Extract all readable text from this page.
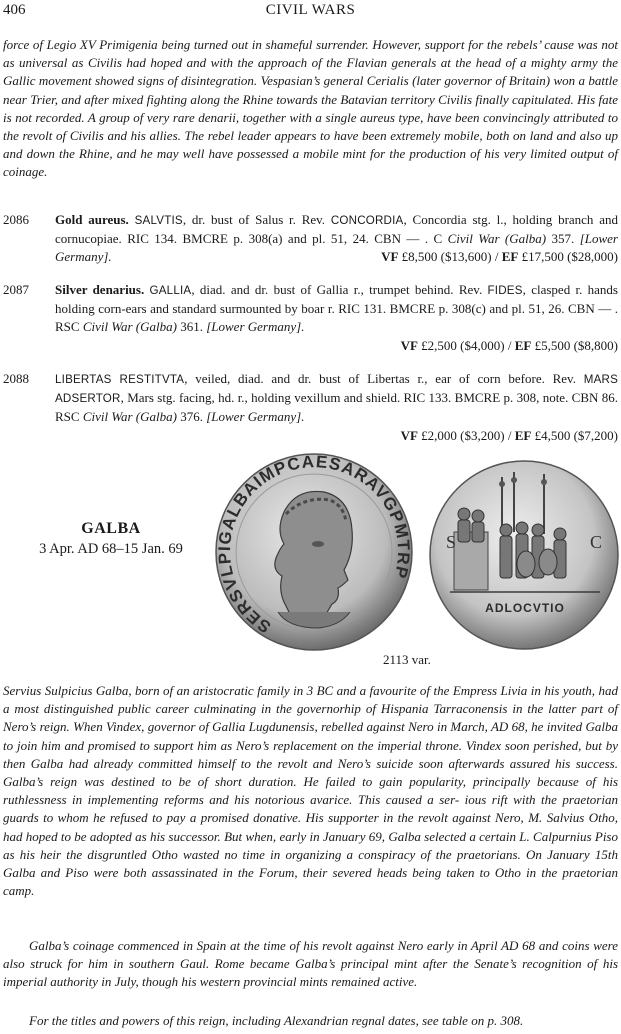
406	CIVIL WARS
force of Legio XV Primigenia being turned out in shameful surrender. However, support for the rebels’ cause was not as universal as Civilis had hoped and with the approach of the Flavian generals at the head of a mighty army the Gallic movement showed signs of disintegration. Vespasian’s general Cerialis (later governor of Britain) won a battle near Trier, and after mixed fighting along the Rhine towards the Batavian territory Civilis finally capitulated. His fate is not recorded. A group of very rare denarii, together with a single aureus type, have been convincingly attributed to the revolt of Civilis and his allies. The rebel leader appears to have been extremely mobile, both on land and also up and down the Rhine, and he may well have possessed a mobile mint for the production of his very limited output of coinage.
2086 Gold aureus. SALVTIS, dr. bust of Salus r. Rev. CONCORDIA, Concordia stg. l., holding branch and cornucopiae. RIC 134. BMCRE p. 308(a) and pl. 51, 24. CBN — . C Civil War (Galba) 357. [Lower Germany].	VF £8,500 ($13,600) / EF £17,500 ($28,000)
2087 Silver denarius. GALLIA, diad. and dr. bust of Gallia r., trumpet behind. Rev. FIDES, clasped r. hands holding corn-ears and standard surmounted by boar r. RIC 131. BMCRE p. 308(c) and pl. 51, 26. CBN — . RSC Civil War (Galba) 361. [Lower Germany].
VF £2,500 ($4,000) / EF £5,500 ($8,800)
2088 LIBERTAS RESTITVTA, veiled, diad. and dr. bust of Libertas r., ear of corn before. Rev. MARS ADSERTOR, Mars stg. facing, hd. r., holding vexillum and shield. RIC 133. BMCRE p. 308, note. CBN 86. RSC Civil War (Galba) 376. [Lower Germany].
VF £2,000 ($3,200) / EF £4,500 ($7,200)
GALBA
3 Apr. AD 68–15 Jan. 69
SERSVLPIGALBAIMPCAESARAVGPMTRP
S	C
ADLOCVTIO
2113 var.
Servius Sulpicius Galba, born of an aristocratic family in 3 BC and a favourite of the Empress Livia in his youth, had a most distinguished public career culminating in the governorhip of Hispania Tarraconensis in the latter part of Nero’s reign. When Vindex, governor of Gallia Lugdunensis, rebelled against Nero in March, AD 68, he invited Galba to join him and promised to support him as Nero’s replacement on the imperial throne. Vindex soon perished, but by then Galba had already committed himself to the revolt and Nero’s suicide soon afterwards assured his success. Galba’s reign was destined to be of short duration. He failed to gain popularity, principally because of his ruthlessness in implementing reforms and his notorious avarice. This caused a ser- ious rift with the praetorian guards to whom he refused to pay a promised donative. His supporter in the revolt against Nero, M. Salvius Otho, had hoped to be adopted as his successor. But when, early in January 69, Galba selected a certain L. Calpurnius Piso as his heir the disgruntled Otho wasted no time in organizing a conspiracy of the praetorians. On January 15th Galba and Piso were both assassinated in the Forum, their severed heads being taken to Otho in the praetorian camp.
Galba’s coinage commenced in Spain at the time of his revolt against Nero early in April AD 68 and coins were also struck for him in southern Gaul. Rome became Galba’s principal mint after the Senate’s recognition of his imperial authority in July, though his western provincial mints remained active.
For the titles and powers of this reign, including Alexandrian regnal dates, see table on p. 308.
